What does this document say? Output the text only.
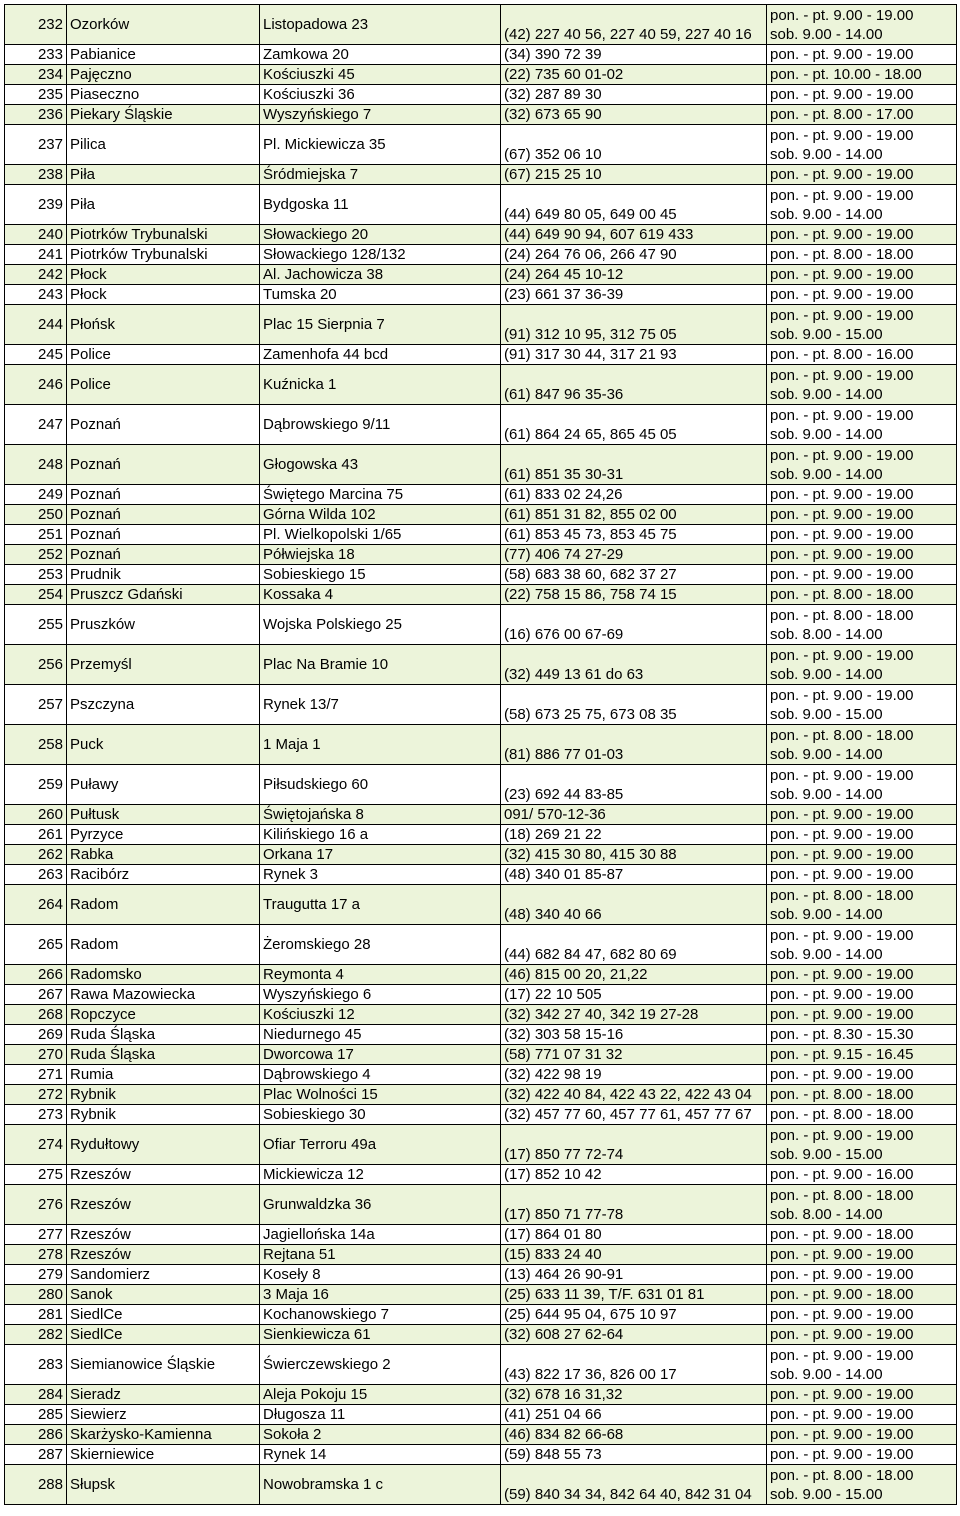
232	Ozorków	Listopadowa 23	(42) 227 40 56, 227 40 59, 227 40 16	pon. - pt. 9.00 - 19.00
sob. 9.00 - 14.00

233	Pabianice	Zamkowa 20	(34) 390 72 39	pon. - pt. 9.00 - 19.00

234	Pajęczno	Kościuszki 45	(22) 735 60 01-02	pon. - pt. 10.00 - 18.00

235	Piaseczno	Kościuszki 36	(32) 287 89 30	pon. - pt. 9.00 - 19.00

236	Piekary Śląskie	Wyszyńskiego 7	(32) 673 65 90	pon. - pt. 8.00 - 17.00

237	Pilica	Pl. Mickiewicza 35	(67) 352 06 10	pon. - pt. 9.00 - 19.00
sob. 9.00 - 14.00

238	Piła	Śródmiejska 7	(67) 215 25 10	pon. - pt. 9.00 - 19.00

239	Piła	Bydgoska 11	(44) 649 80 05, 649 00 45	pon. - pt. 9.00 - 19.00
sob. 9.00 - 14.00

240	Piotrków Trybunalski	Słowackiego 20	(44) 649 90 94, 607 619 433	pon. - pt. 9.00 - 19.00

241	Piotrków Trybunalski	Słowackiego 128/132	(24) 264 76 06, 266 47 90	pon. - pt. 8.00 - 18.00

242	Płock	Al. Jachowicza 38	(24) 264 45 10-12	pon. - pt. 9.00 - 19.00

243	Płock	Tumska 20	(23) 661 37 36-39	pon. - pt. 9.00 - 19.00

244	Płońsk	Plac 15 Sierpnia 7	(91) 312 10 95, 312 75 05	pon. - pt. 9.00 - 19.00
sob. 9.00 - 15.00

245	Police	Zamenhofa 44 bcd	(91) 317 30 44, 317 21 93	pon. - pt. 8.00 - 16.00

246	Police	Kuźnicka 1	(61) 847 96 35-36	pon. - pt. 9.00 - 19.00
sob. 9.00 - 14.00

247	Poznań	Dąbrowskiego 9/11	(61) 864 24 65, 865 45 05	pon. - pt. 9.00 - 19.00
sob. 9.00 - 14.00

248	Poznań	Głogowska 43	(61) 851 35 30-31	pon. - pt. 9.00 - 19.00
sob. 9.00 - 14.00

249	Poznań	Świętego Marcina 75	(61) 833 02 24,26	pon. - pt. 9.00 - 19.00

250	Poznań	Górna Wilda 102	(61) 851 31 82, 855 02 00	pon. - pt. 9.00 - 19.00

251	Poznań	Pl. Wielkopolski 1/65	(61) 853 45 73, 853 45 75	pon. - pt. 9.00 - 19.00

252	Poznań	Półwiejska 18	(77) 406 74 27-29	pon. - pt. 9.00 - 19.00

253	Prudnik	Sobieskiego 15	(58) 683 38 60, 682 37 27	pon. - pt. 9.00 - 19.00

254	Pruszcz Gdański	Kossaka 4	(22) 758 15 86, 758 74 15	pon. - pt. 8.00 - 18.00

255	Pruszków	Wojska Polskiego 25	(16) 676 00 67-69	pon. - pt. 8.00 - 18.00
sob. 8.00 - 14.00

256	Przemyśl	Plac Na Bramie 10	(32) 449 13 61 do 63	pon. - pt. 9.00 - 19.00
sob. 9.00 - 14.00

257	Pszczyna	Rynek 13/7	(58) 673 25 75, 673 08 35	pon. - pt. 9.00 - 19.00
sob. 9.00 - 15.00

258	Puck	1 Maja 1	(81) 886 77 01-03	pon. - pt. 8.00 - 18.00
sob. 9.00 - 14.00

259	Puławy	Piłsudskiego 60	(23) 692 44 83-85	pon. - pt. 9.00 - 19.00
sob. 9.00 - 14.00

260	Pułtusk	Świętojańska 8	091/ 570-12-36	pon. - pt. 9.00 - 19.00

261	Pyrzyce	Kilińskiego 16 a	(18) 269 21 22	pon. - pt. 9.00 - 19.00

262	Rabka	Orkana 17	(32) 415 30 80, 415 30 88	pon. - pt. 9.00 - 19.00

263	Racibórz	Rynek 3	(48) 340 01 85-87	pon. - pt. 9.00 - 19.00

264	Radom	Traugutta 17 a	(48) 340 40 66	pon. - pt. 8.00 - 18.00
sob. 9.00 - 14.00

265	Radom	Żeromskiego 28	(44) 682 84 47, 682 80 69	pon. - pt. 9.00 - 19.00
sob. 9.00 - 14.00

266	Radomsko	Reymonta 4	(46) 815 00 20, 21,22	pon. - pt. 9.00 - 19.00

267	Rawa Mazowiecka	Wyszyńskiego 6	(17) 22 10 505	pon. - pt. 9.00 - 19.00

268	Ropczyce	Kościuszki 12	(32) 342 27 40, 342 19 27-28	pon. - pt. 9.00 - 19.00

269	Ruda Śląska	Niedurnego 45	(32) 303 58 15-16	pon. - pt. 8.30 - 15.30

270	Ruda Śląska	Dworcowa 17	(58) 771 07 31 32	pon. - pt. 9.15 - 16.45

271	Rumia	Dąbrowskiego 4	(32) 422 98 19	pon. - pt. 9.00 - 19.00

272	Rybnik	Plac Wolności 15	(32) 422 40 84, 422 43 22, 422 43 04	pon. - pt. 8.00 - 18.00

273	Rybnik	Sobieskiego 30	(32) 457 77 60, 457 77 61, 457 77 67	pon. - pt. 8.00 - 18.00

274	Rydułtowy	Ofiar Terroru 49a	(17) 850 77 72-74	pon. - pt. 9.00 - 19.00
sob. 9.00 - 15.00

275	Rzeszów	Mickiewicza 12	(17) 852 10 42	pon. - pt. 9.00 - 16.00

276	Rzeszów	Grunwaldzka 36	(17) 850 71 77-78	pon. - pt. 8.00 - 18.00
sob. 8.00 - 14.00

277	Rzeszów	Jagiellońska 14a	(17) 864 01 80	pon. - pt. 9.00 - 18.00

278	Rzeszów	Rejtana 51	(15) 833 24 40	pon. - pt. 9.00 - 19.00

279	Sandomierz	Koseły 8	(13) 464 26 90-91	pon. - pt. 9.00 - 19.00

280	Sanok	3 Maja 16	(25) 633 11 39, T/F. 631 01 81	pon. - pt. 9.00 - 18.00

281	SiedlCe	Kochanowskiego 7	(25) 644 95 04, 675 10 97	pon. - pt. 9.00 - 19.00

282	SiedlCe	Sienkiewicza 61	(32) 608 27 62-64	pon. - pt. 9.00 - 19.00

283	Siemianowice Śląskie	Świerczewskiego 2	(43) 822 17 36, 826 00 17	pon. - pt. 9.00 - 19.00
sob. 9.00 - 14.00

284	Sieradz	Aleja Pokoju 15	(32) 678 16 31,32	pon. - pt. 9.00 - 19.00

285	Siewierz	Długosza 11	(41) 251 04 66	pon. - pt. 9.00 - 19.00

286	Skarżysko-Kamienna	Sokoła 2	(46) 834 82 66-68	pon. - pt. 9.00 - 19.00

287	Skierniewice	Rynek 14	(59) 848 55 73	pon. - pt. 9.00 - 19.00

288	Słupsk	Nowobramska 1 c	(59) 840 34 34, 842 64 40, 842 31 04	pon. - pt. 8.00 - 18.00
sob. 9.00 - 15.00
